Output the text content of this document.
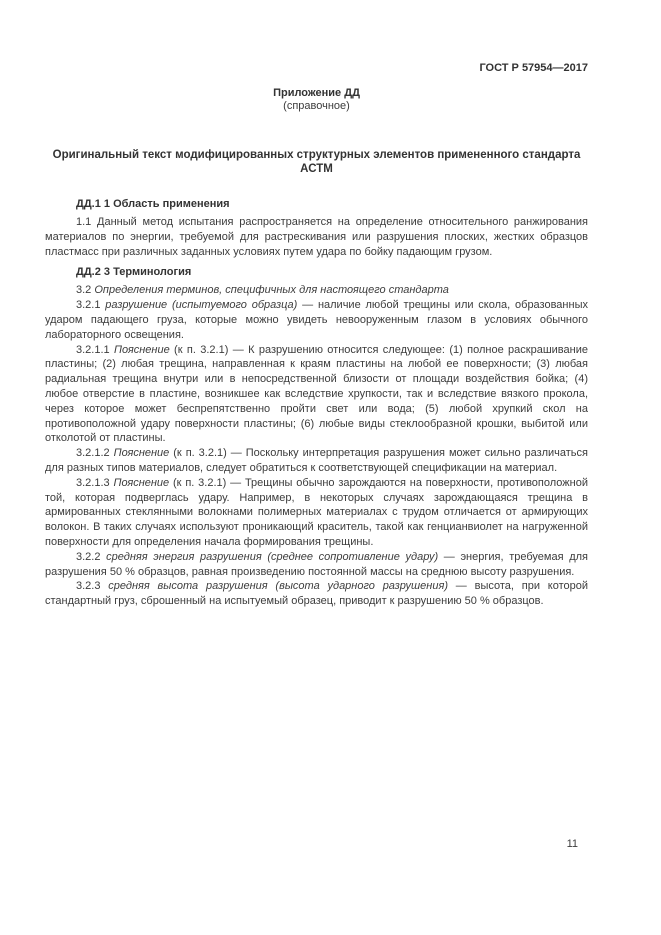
ГОСТ Р 57954—2017
Приложение ДД
(справочное)
Оригинальный текст модифицированных структурных элементов примененного стандарта
АСТМ

ДД.1 1 Область применения

1.1 Данный метод испытания распространяется на определение относительного ранжирования материалов по энергии, требуемой для растрескивания или разрушения плоских, жестких образцов пластмасс при различных заданных условиях путем удара по бойку падающим грузом.

ДД.2 3 Терминология

3.2 Определения терминов, специфичных для настоящего стандарта

3.2.1 разрушение (испытуемого образца) — наличие любой трещины или скола, образованных ударом падающего груза, которые можно увидеть невооруженным глазом в условиях обычного лабораторного освещения.

3.2.1.1 Пояснение (к п. 3.2.1) — К разрушению относится следующее: (1) полное раскрашивание пластины; (2) любая трещина, направленная к краям пластины на любой ее поверхности; (3) любая радиальная трещина внутри или в непосредственной близости от площади воздействия бойка; (4) любое отверстие в пластине, возникшее как вследствие хрупкости, так и вследствие вязкого прокола, через которое может беспрепятственно пройти свет или вода; (5) любой хрупкий скол на противоположной удару поверхности пластины; (6) любые виды стеклообразной крошки, выбитой или отколотой от пластины.

3.2.1.2 Пояснение (к п. 3.2.1) — Поскольку интерпретация разрушения может сильно различаться для разных типов материалов, следует обратиться к соответствующей спецификации на материал.

3.2.1.3 Пояснение (к п. 3.2.1) — Трещины обычно зарождаются на поверхности, противоположной той, которая подверглась удару. Например, в некоторых случаях зарождающаяся трещина в армированных стеклянными волокнами полимерных материалах с трудом отличается от армирующих волокон. В таких случаях используют проникающий краситель, такой как генцианвиолет на нагруженной поверхности для определения начала формирования трещины.

3.2.2 средняя энергия разрушения (среднее сопротивление удару) — энергия, требуемая для разрушения 50 % образцов, равная произведению постоянной массы на среднюю высоту разрушения.

3.2.3 средняя высота разрушения (высота ударного разрушения) — высота, при которой стандартный груз, сброшенный на испытуемый образец, приводит к разрушению 50 % образцов.

11
